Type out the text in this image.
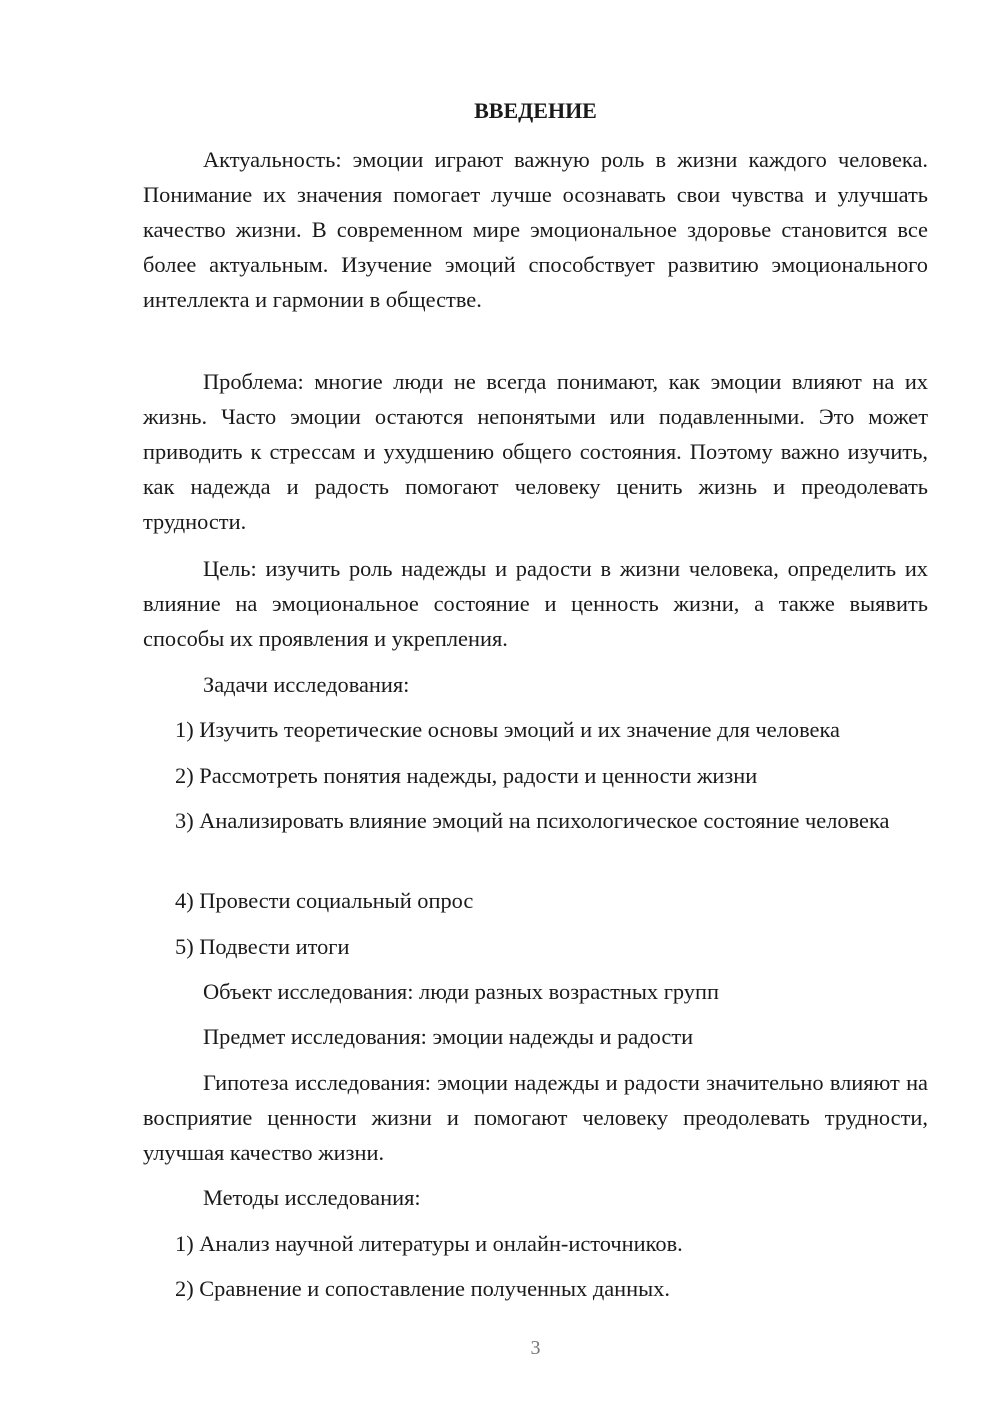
ВВЕДЕНИЕ

Актуальность: эмоции играют важную роль в жизни каждого человека. Понимание их значения помогает лучше осознавать свои чувства и улучшать качество жизни. В современном мире эмоциональное здоровье становится все более актуальным. Изучение эмоций способствует развитию эмоционального интеллекта и гармонии в обществе.

Проблема: многие люди не всегда понимают, как эмоции влияют на их жизнь. Часто эмоции остаются непонятыми или подавленными. Это может приводить к стрессам и ухудшению общего состояния. Поэтому важно изучить, как надежда и радость помогают человеку ценить жизнь и преодолевать трудности.

Цель: изучить роль надежды и радости в жизни человека, определить их влияние на эмоциональное состояние и ценность жизни, а также выявить способы их проявления и укрепления.

Задачи исследования:

1) Изучить теоретические основы эмоций и их значение для человека

2) Рассмотреть понятия надежды, радости и ценности жизни

3) Анализировать влияние эмоций на психологическое состояние человека

4) Провести социальный опрос

5) Подвести итоги

Объект исследования: люди разных возрастных групп

Предмет исследования: эмоции надежды и радости

Гипотеза исследования: эмоции надежды и радости значительно влияют на восприятие ценности жизни и помогают человеку преодолевать трудности, улучшая качество жизни.

Методы исследования:

1) Анализ научной литературы и онлайн-источников.

2) Сравнение и сопоставление полученных данных.

3
